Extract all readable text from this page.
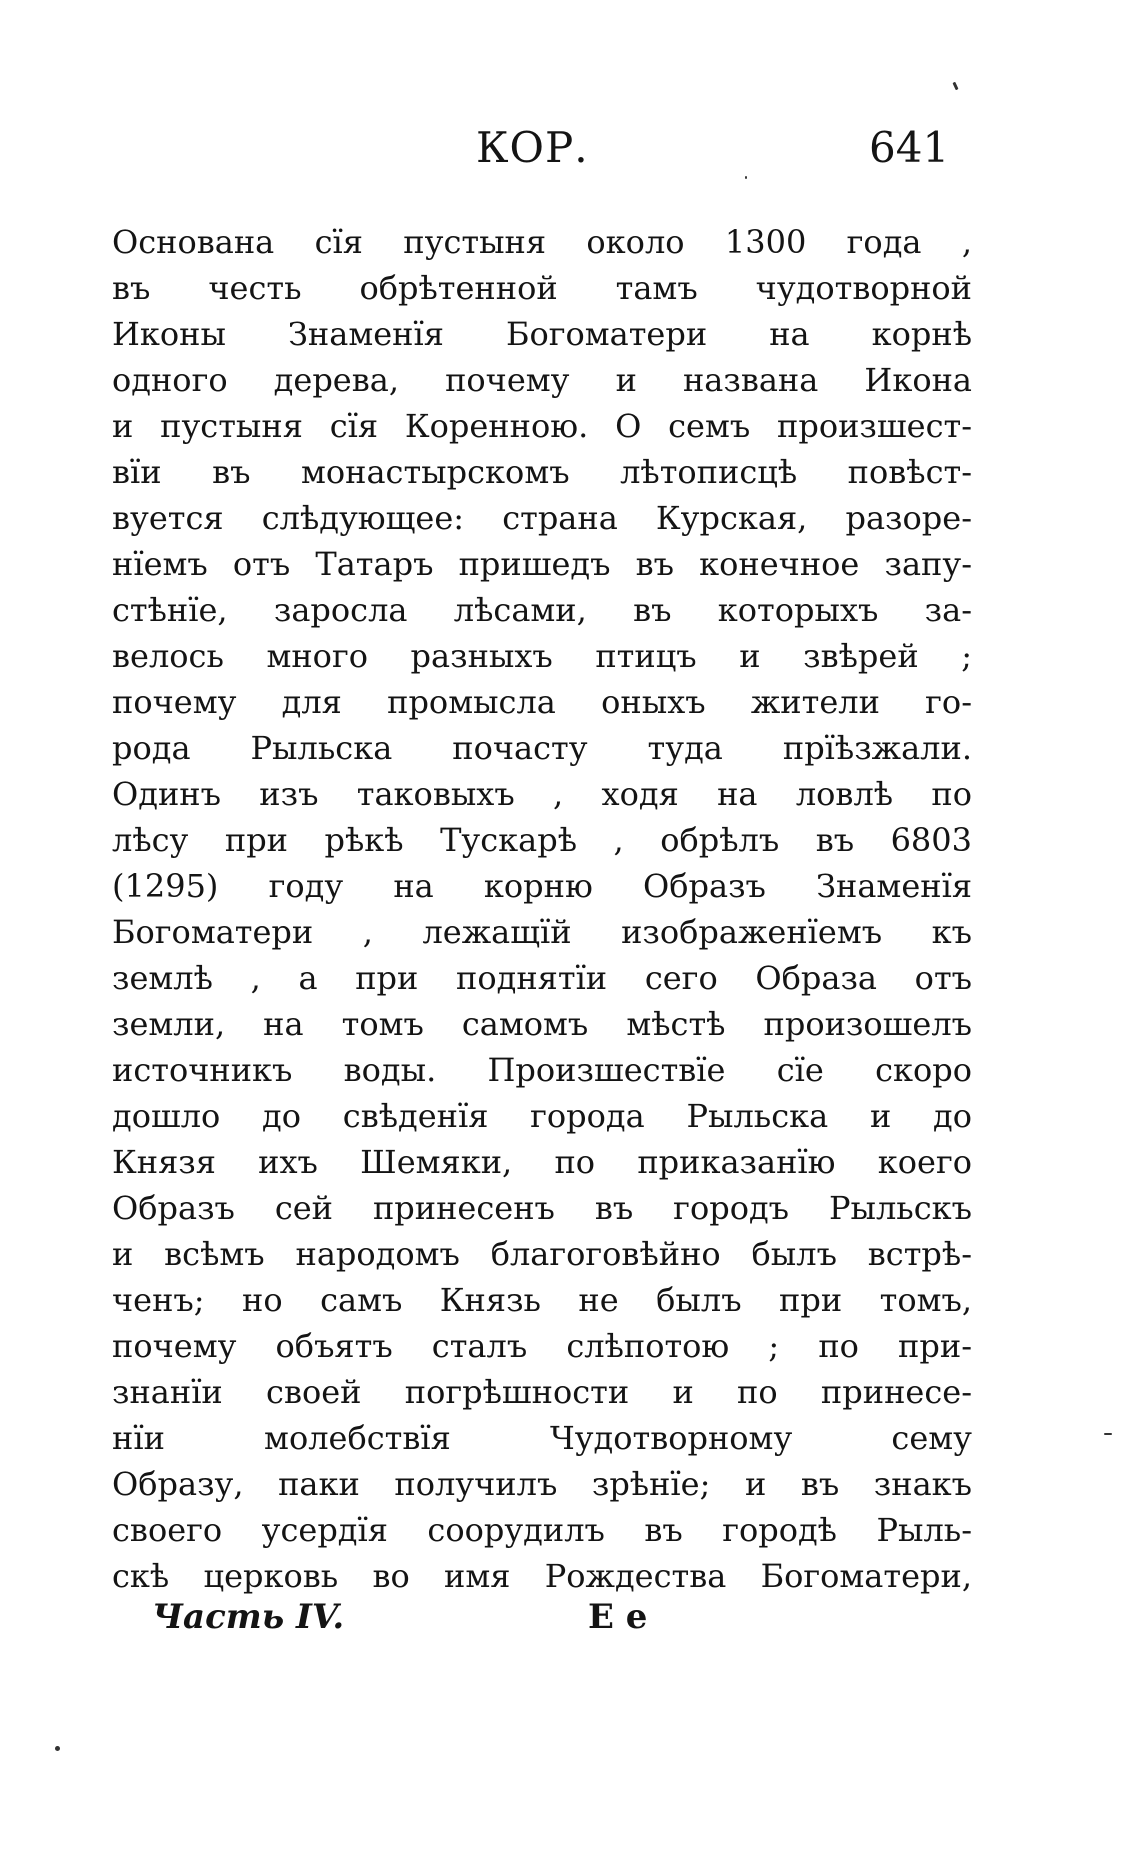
КОР.	641
Основана сїя пустыня около 1300 года ,
въ честь обрѣтенной тамъ чудотворной
Иконы Знаменїя Богоматери на корнѣ
одного дерева, почему и названа Икона
и пустыня сїя Коренною. О семъ произшест-
вїи въ монастырскомъ лѣтописцѣ повѣст-
вуется слѣдующее: страна Курская, разоре-
нїемъ отъ Татаръ пришедъ въ конечное запу-
стѣнїе, заросла лѣсами, въ которыхъ за-
велось много разныхъ птицъ и звѣрей ;
почему для промысла оныхъ жители го-
рода Рыльска почасту туда прїѣзжали.
Одинъ изъ таковыхъ , ходя на ловлѣ по
лѣсу при рѣкѣ Тускарѣ , обрѣлъ въ 6803
(1295) году на корню Образъ Знаменїя
Богоматери , лежащїй изображенїемъ къ
землѣ , а при поднятїи сего Образа отъ
земли, на томъ самомъ мѣстѣ произошелъ
источникъ воды. Произшествїе сїе скоро
дошло до свѣденїя города Рыльска и до
Князя ихъ Шемяки, по приказанїю коего
Образъ сей принесенъ въ городъ Рыльскъ
и всѣмъ народомъ благоговѣйно былъ встрѣ-
ченъ; но самъ Князь не былъ при томъ,
почему объятъ сталъ слѣпотою ; по при-
знанїи своей погрѣшности и по принесе-
нїи молебствїя Чудотворному сему
Образу, паки получилъ зрѣнїе; и въ знакъ
своего усердїя соорудилъ въ городѣ Рыль-
скѣ церковь во имя Рождества Богоматери,
Часть IV.	Е е
